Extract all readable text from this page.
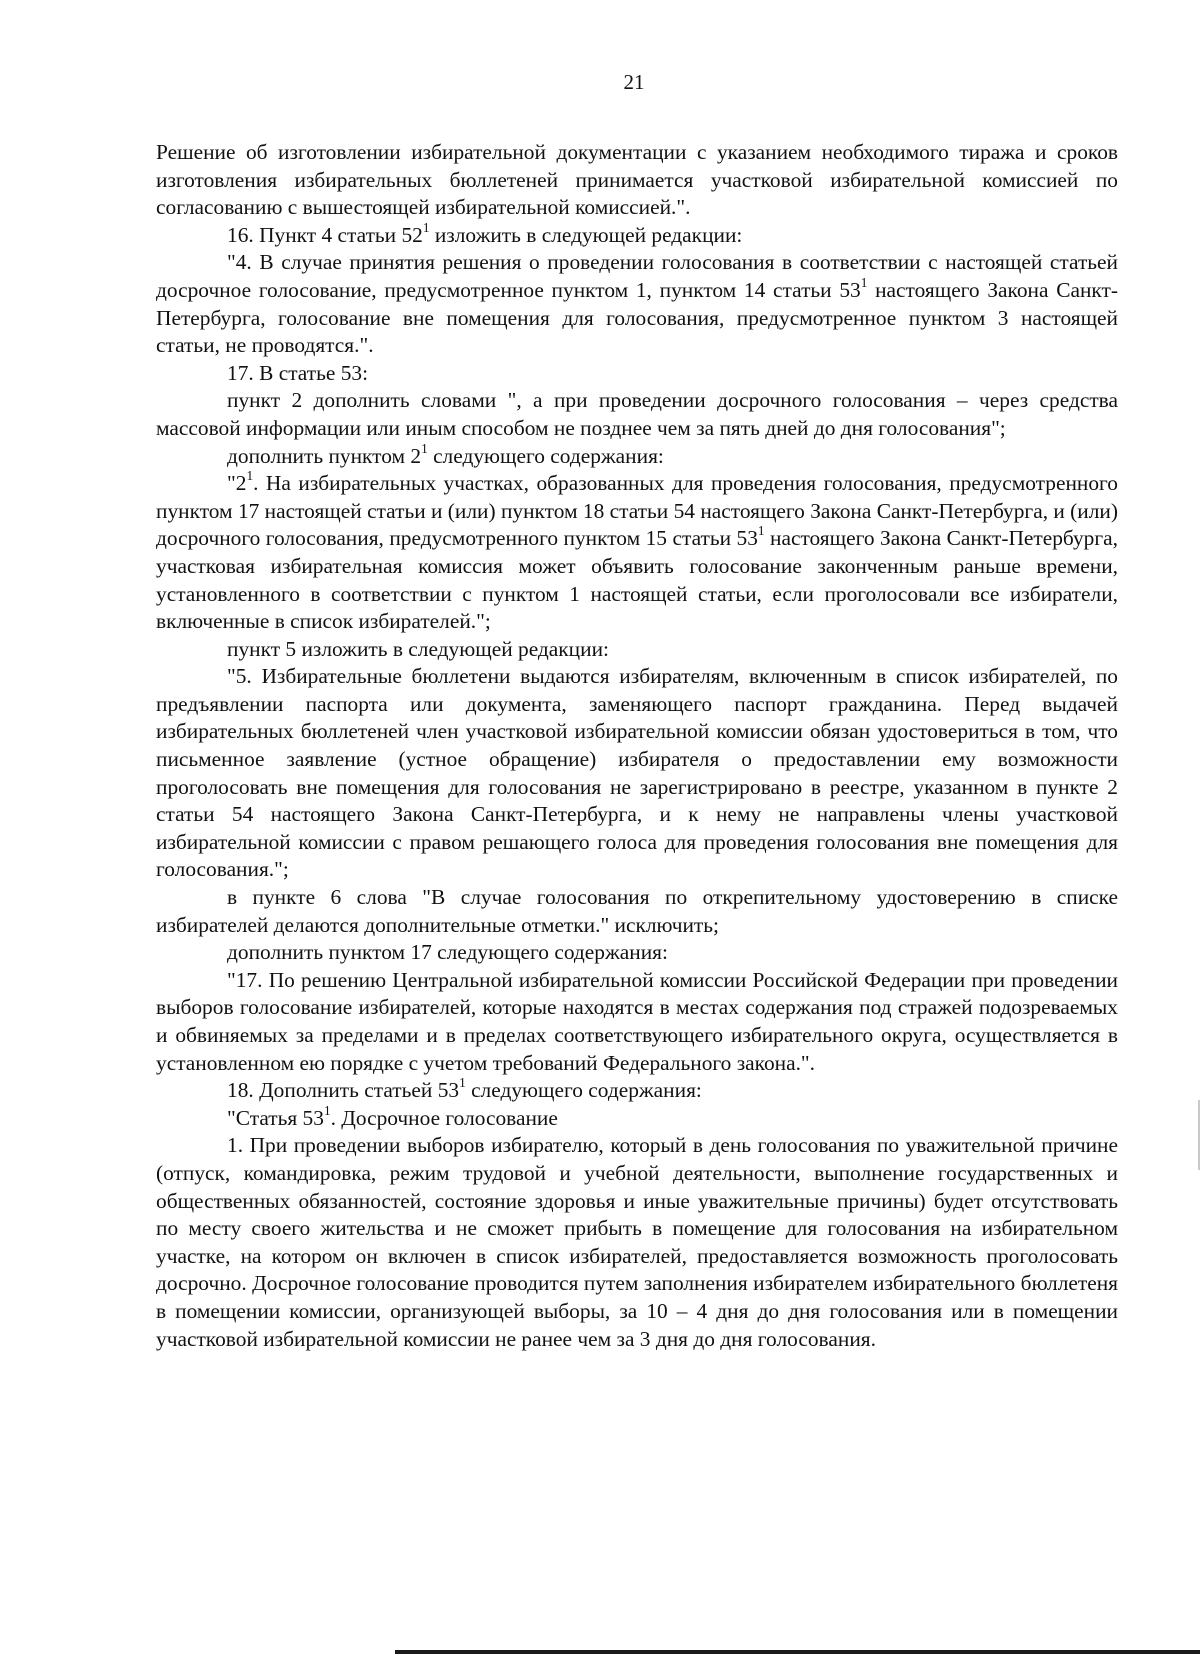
21

Решение об изготовлении избирательной документации с указанием необходимого тиража и сроков изготовления избирательных бюллетеней принимается участковой избирательной комиссией по согласованию с вышестоящей избирательной комиссией.".

16. Пункт 4 статьи $52^1$ изложить в следующей редакции:

"4. В случае принятия решения о проведении голосования в соответствии с настоящей статьей досрочное голосование, предусмотренное пунктом 1, пунктом 14 статьи $53^1$ настоящего Закона Санкт-Петербурга, голосование вне помещения для голосования, предусмотренное пунктом 3 настоящей статьи, не проводятся.".

17. В статье 53:

пункт 2 дополнить словами ", а при проведении досрочного голосования – через средства массовой информации или иным способом не позднее чем за пять дней до дня голосования";

дополнить пунктом $2^1$ следующего содержания:

"$2^1$. На избирательных участках, образованных для проведения голосования, предусмотренного пунктом 17 настоящей статьи и (или) пунктом 18 статьи 54 настоящего Закона Санкт-Петербурга, и (или) досрочного голосования, предусмотренного пунктом 15 статьи $53^1$ настоящего Закона Санкт-Петербурга, участковая избирательная комиссия может объявить голосование законченным раньше времени, установленного в соответствии с пунктом 1 настоящей статьи, если проголосовали все избиратели, включенные в список избирателей.";

пункт 5 изложить в следующей редакции:

"5. Избирательные бюллетени выдаются избирателям, включенным в список избирателей, по предъявлении паспорта или документа, заменяющего паспорт гражданина. Перед выдачей избирательных бюллетеней член участковой избирательной комиссии обязан удостовериться в том, что письменное заявление (устное обращение) избирателя о предоставлении ему возможности проголосовать вне помещения для голосования не зарегистрировано в реестре, указанном в пункте 2 статьи 54 настоящего Закона Санкт-Петербурга, и к нему не направлены члены участковой избирательной комиссии с правом решающего голоса для проведения голосования вне помещения для голосования.";

в пункте 6 слова "В случае голосования по открепительному удостоверению в списке избирателей делаются дополнительные отметки." исключить;

дополнить пунктом 17 следующего содержания:

"17. По решению Центральной избирательной комиссии Российской Федерации при проведении выборов голосование избирателей, которые находятся в местах содержания под стражей подозреваемых и обвиняемых за пределами и в пределах соответствующего избирательного округа, осуществляется в установленном ею порядке с учетом требований Федерального закона.".

18. Дополнить статьей $53^1$ следующего содержания:

"Статья $53^1$. Досрочное голосование

1. При проведении выборов избирателю, который в день голосования по уважительной причине (отпуск, командировка, режим трудовой и учебной деятельности, выполнение государственных и общественных обязанностей, состояние здоровья и иные уважительные причины) будет отсутствовать по месту своего жительства и не сможет прибыть в помещение для голосования на избирательном участке, на котором он включен в список избирателей, предоставляется возможность проголосовать досрочно. Досрочное голосование проводится путем заполнения избирателем избирательного бюллетеня в помещении комиссии, организующей выборы, за 10 – 4 дня до дня голосования или в помещении участковой избирательной комиссии не ранее чем за 3 дня до дня голосования.
